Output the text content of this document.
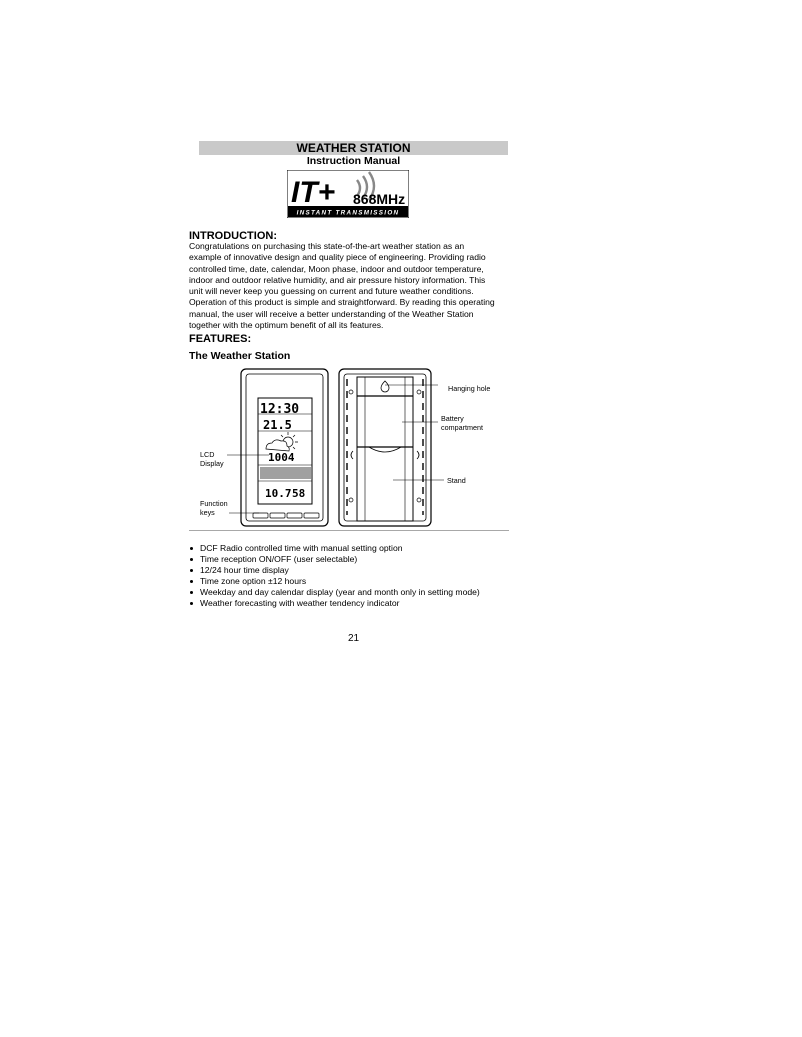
WEATHER STATION
Instruction Manual
IT+ 868MHz
INSTANT TRANSMISSION
INTRODUCTION:

Congratulations on purchasing this state-of-the-art weather station as an
example of innovative design and quality piece of engineering. Providing radio
controlled time, date, calendar, Moon phase, indoor and outdoor temperature,
indoor and outdoor relative humidity, and air pressure history information. This
unit will never keep you guessing on current and future weather conditions.
Operation of this product is simple and straightforward. By reading this operating
manual, the user will receive a better understanding of the Weather Station
together with the optimum benefit of all its features.

FEATURES:
The Weather Station
12:30
21.5
1004
10.7 58
LCD
Display
Function
keys
Hanging hole
Battery
compartment
Stand
DCF Radio controlled time with manual setting option
Time reception ON/OFF (user selectable)
12/24 hour time display
Time zone option ±12 hours
Weekday and day calendar display (year and month only in setting mode)
Weather forecasting with weather tendency indicator
21
